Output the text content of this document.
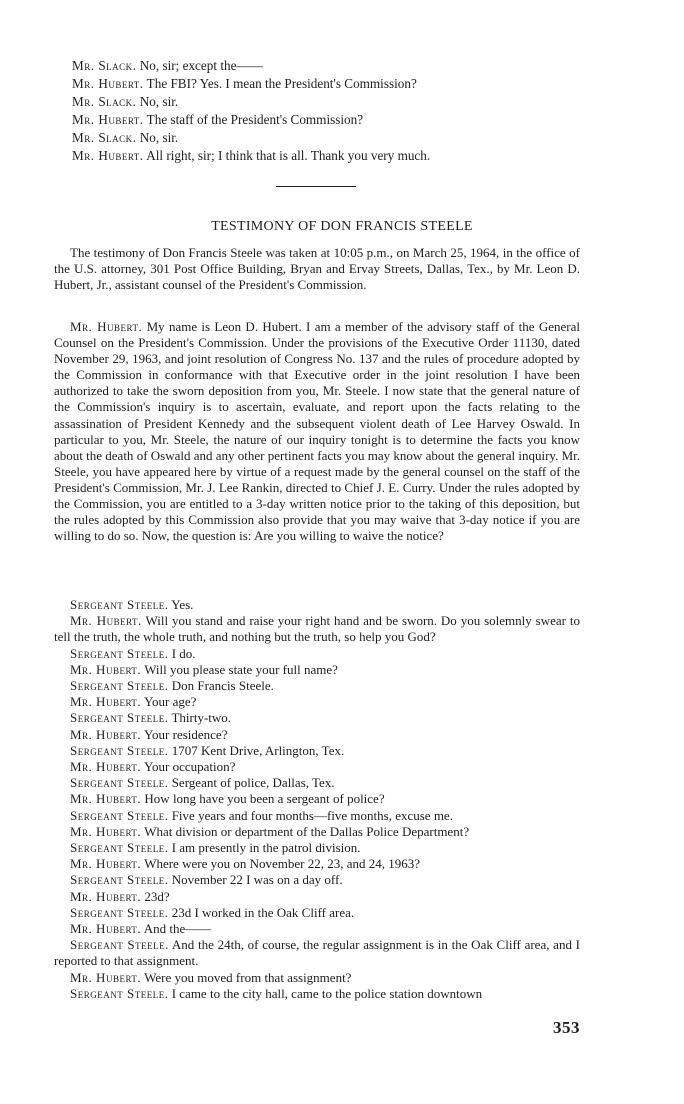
Mr. Slack. No, sir; except the——
Mr. Hubert. The FBI? Yes. I mean the President's Commission?
Mr. Slack. No, sir.
Mr. Hubert. The staff of the President's Commission?
Mr. Slack. No, sir.
Mr. Hubert. All right, sir; I think that is all. Thank you very much.
TESTIMONY OF DON FRANCIS STEELE
The testimony of Don Francis Steele was taken at 10:05 p.m., on March 25, 1964, in the office of the U.S. attorney, 301 Post Office Building, Bryan and Ervay Streets, Dallas, Tex., by Mr. Leon D. Hubert, Jr., assistant counsel of the President's Commission.
Mr. Hubert. My name is Leon D. Hubert. I am a member of the advisory staff of the General Counsel on the President's Commission. Under the provisions of the Executive Order 11130, dated November 29, 1963, and joint resolution of Congress No. 137 and the rules of procedure adopted by the Commission in conformance with that Executive order in the joint resolution I have been authorized to take the sworn deposition from you, Mr. Steele. I now state that the general nature of the Commission's inquiry is to ascertain, evaluate, and report upon the facts relating to the assassination of President Kennedy and the subsequent violent death of Lee Harvey Oswald. In particular to you, Mr. Steele, the nature of our inquiry tonight is to determine the facts you know about the death of Oswald and any other pertinent facts you may know about the general inquiry. Mr. Steele, you have appeared here by virtue of a request made by the general counsel on the staff of the President's Commission, Mr. J. Lee Rankin, directed to Chief J. E. Curry. Under the rules adopted by the Commission, you are entitled to a 3-day written notice prior to the taking of this deposition, but the rules adopted by this Commission also provide that you may waive that 3-day notice if you are willing to do so. Now, the question is: Are you willing to waive the notice?
Sergeant Steele. Yes.
Mr. Hubert. Will you stand and raise your right hand and be sworn. Do you solemnly swear to tell the truth, the whole truth, and nothing but the truth, so help you God?
Sergeant Steele. I do.
Mr. Hubert. Will you please state your full name?
Sergeant Steele. Don Francis Steele.
Mr. Hubert. Your age?
Sergeant Steele. Thirty-two.
Mr. Hubert. Your residence?
Sergeant Steele. 1707 Kent Drive, Arlington, Tex.
Mr. Hubert. Your occupation?
Sergeant Steele. Sergeant of police, Dallas, Tex.
Mr. Hubert. How long have you been a sergeant of police?
Sergeant Steele. Five years and four months—five months, excuse me.
Mr. Hubert. What division or department of the Dallas Police Department?
Sergeant Steele. I am presently in the patrol division.
Mr. Hubert. Where were you on November 22, 23, and 24, 1963?
Sergeant Steele. November 22 I was on a day off.
Mr. Hubert. 23d?
Sergeant Steele. 23d I worked in the Oak Cliff area.
Mr. Hubert. And the——
Sergeant Steele. And the 24th, of course, the regular assignment is in the Oak Cliff area, and I reported to that assignment.
Mr. Hubert. Were you moved from that assignment?
Sergeant Steele. I came to the city hall, came to the police station downtown
353
